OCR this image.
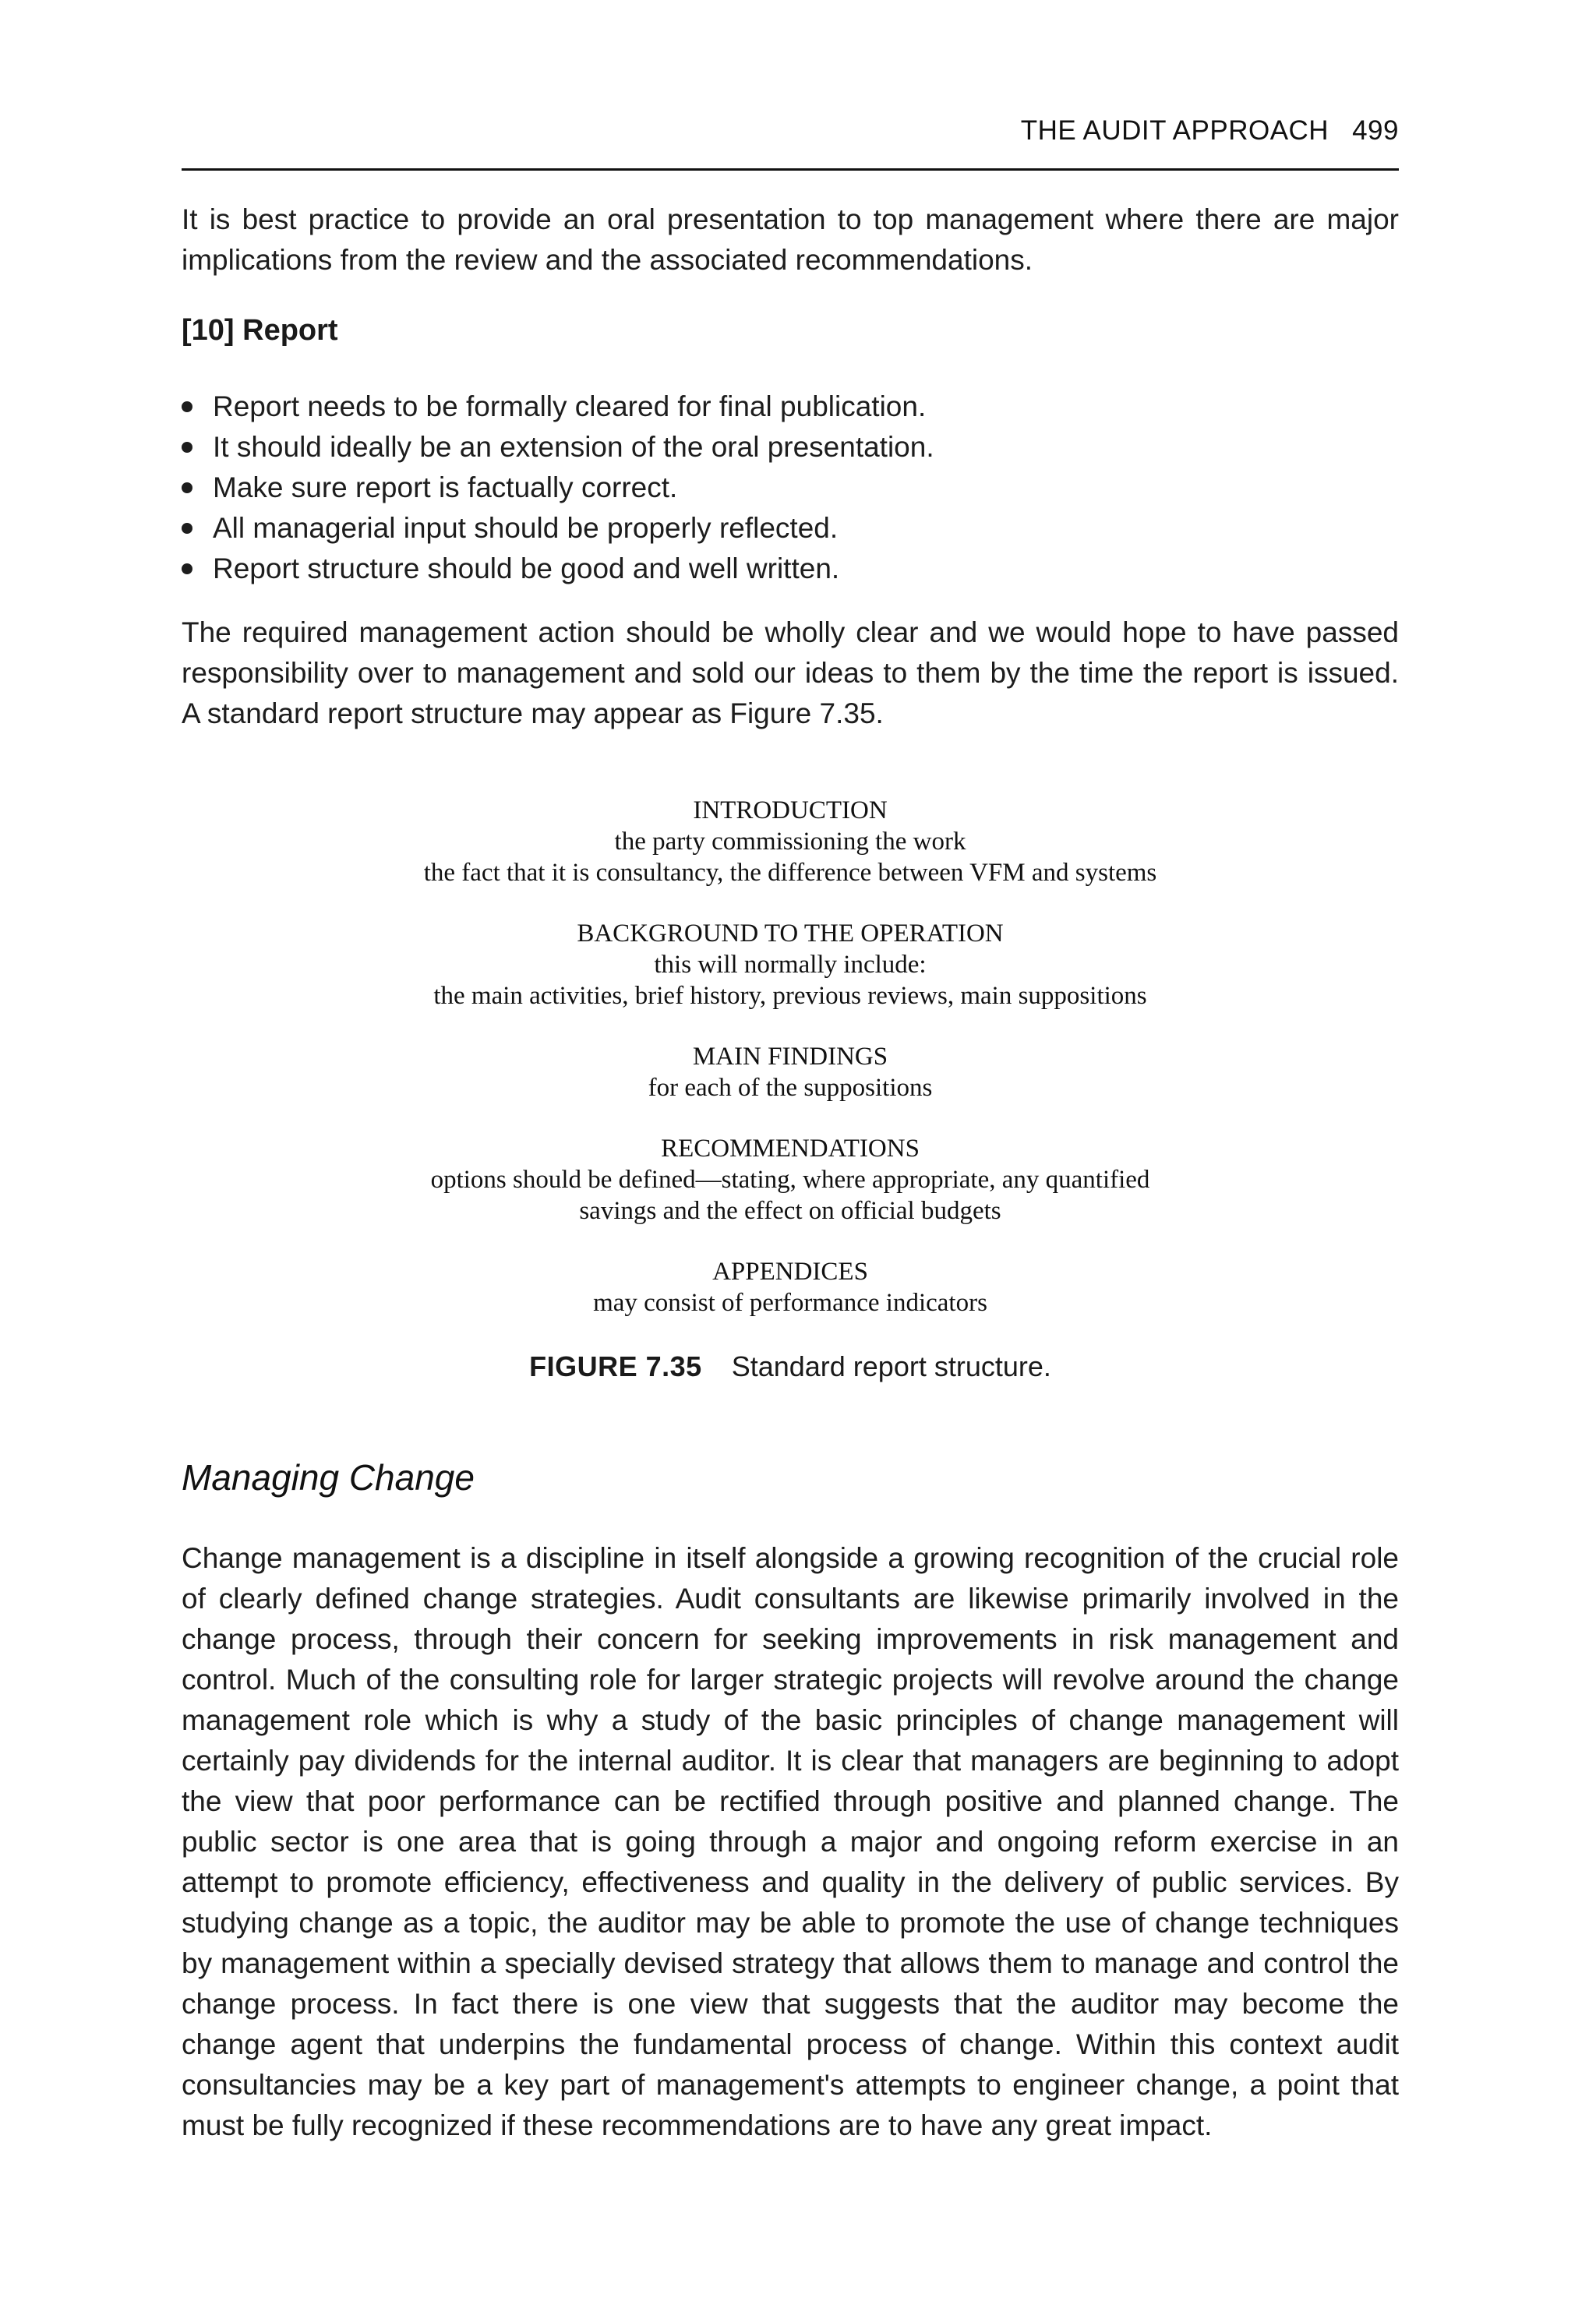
THE AUDIT APPROACH 499

It is best practice to provide an oral presentation to top management where there are major implications from the review and the associated recommendations.

[10] Report
Report needs to be formally cleared for final publication.
It should ideally be an extension of the oral presentation.
Make sure report is factually correct.
All managerial input should be properly reflected.
Report structure should be good and well written.

The required management action should be wholly clear and we would hope to have passed responsibility over to management and sold our ideas to them by the time the report is issued. A standard report structure may appear as Figure 7.35.

INTRODUCTION
the party commissioning the work
the fact that it is consultancy, the difference between VFM and systems
BACKGROUND TO THE OPERATION
this will normally include:
the main activities, brief history, previous reviews, main suppositions
MAIN FINDINGS
for each of the suppositions
RECOMMENDATIONS
options should be defined—stating, where appropriate, any quantified
savings and the effect on official budgets
APPENDICES
may consist of performance indicators
FIGURE 7.35 Standard report structure.
Managing Change

Change management is a discipline in itself alongside a growing recognition of the crucial role of clearly defined change strategies. Audit consultants are likewise primarily involved in the change process, through their concern for seeking improvements in risk management and control. Much of the consulting role for larger strategic projects will revolve around the change management role which is why a study of the basic principles of change management will certainly pay dividends for the internal auditor. It is clear that managers are beginning to adopt the view that poor performance can be rectified through positive and planned change. The public sector is one area that is going through a major and ongoing reform exercise in an attempt to promote efficiency, effectiveness and quality in the delivery of public services. By studying change as a topic, the auditor may be able to promote the use of change techniques by management within a specially devised strategy that allows them to manage and control the change process. In fact there is one view that suggests that the auditor may become the change agent that underpins the fundamental process of change. Within this context audit consultancies may be a key part of management's attempts to engineer change, a point that must be fully recognized if these recommendations are to have any great impact.
